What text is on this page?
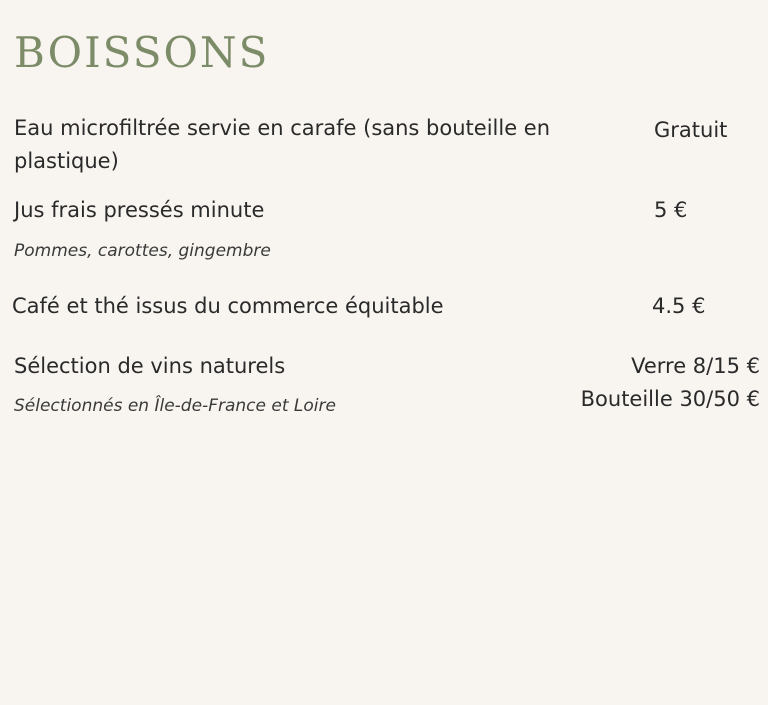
BOISSONS
Eau microfiltrée servie en carafe (sans bouteille en plastique)
Gratuit
Jus frais pressés minute	5 €
Pommes, carottes, gingembre
Café et thé issus du commerce équitable	4.5 €
Sélection de vins naturels
Sélectionnés en Île-de-France et Loire
Verre 8/15 €
Bouteille 30/50 €
